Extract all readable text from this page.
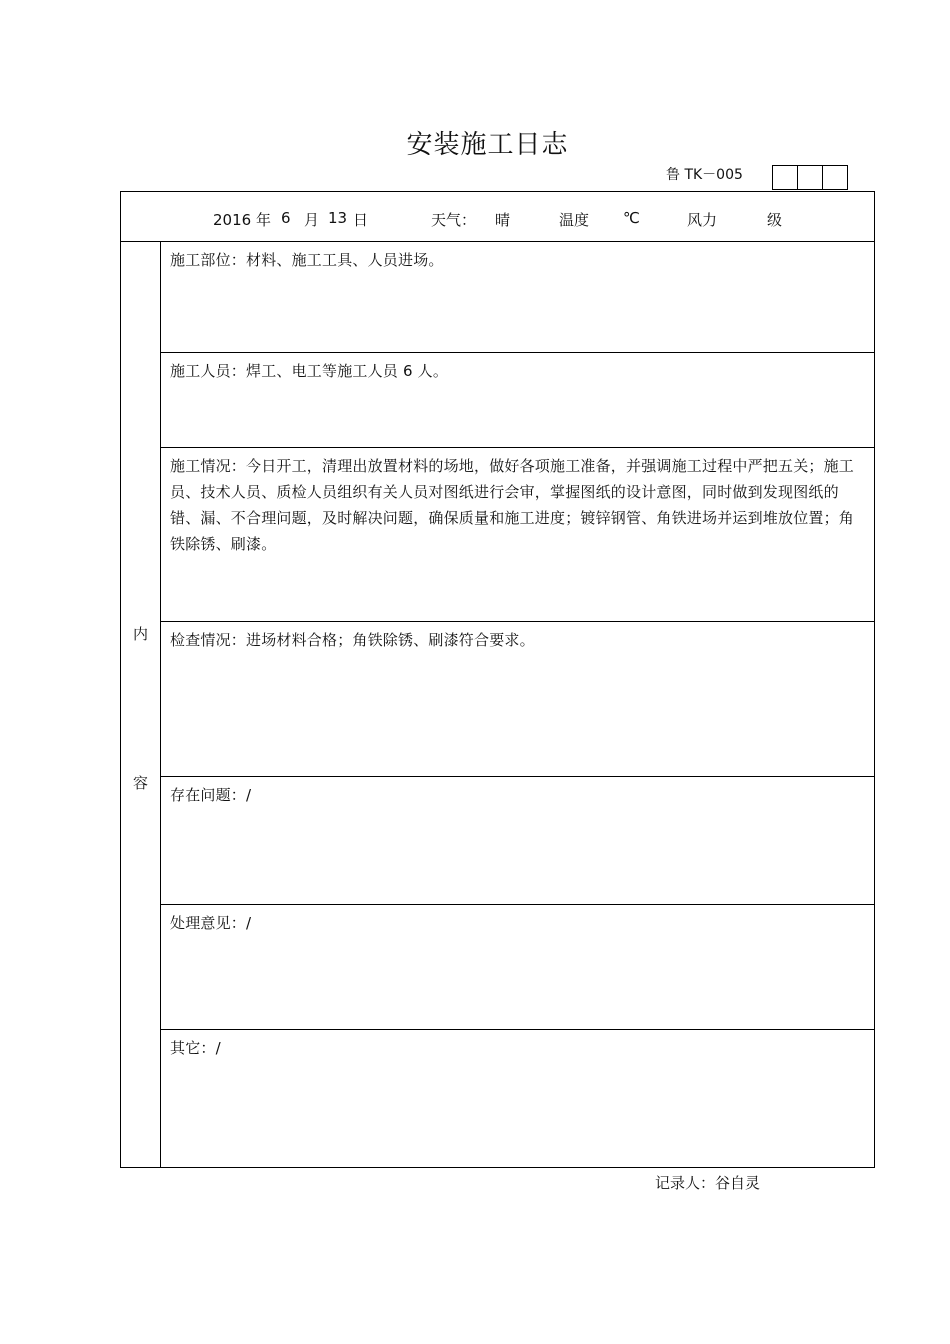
安装施工日志
鲁 TK－005
2016 年 6 月 13 日	天气： 晴	温度 ℃	风力	级
内
容
施工部位：材料、施工工具、人员进场。
施工人员：焊工、电工等施工人员 6 人。
施工情况：今日开工，清理出放置材料的场地，做好各项施工准备，并强调施工过程中严把五关；施工员、技术人员、质检人员组织有关人员对图纸进行会审，掌握图纸的设计意图，同时做到发现图纸的错、漏、不合理问题，及时解决问题，确保质量和施工进度；镀锌钢管、角铁进场并运到堆放位置；角铁除锈、刷漆。
检查情况：进场材料合格；角铁除锈、刷漆符合要求。
存在问题：/
处理意见：/
其它：/
记录人：谷自灵
